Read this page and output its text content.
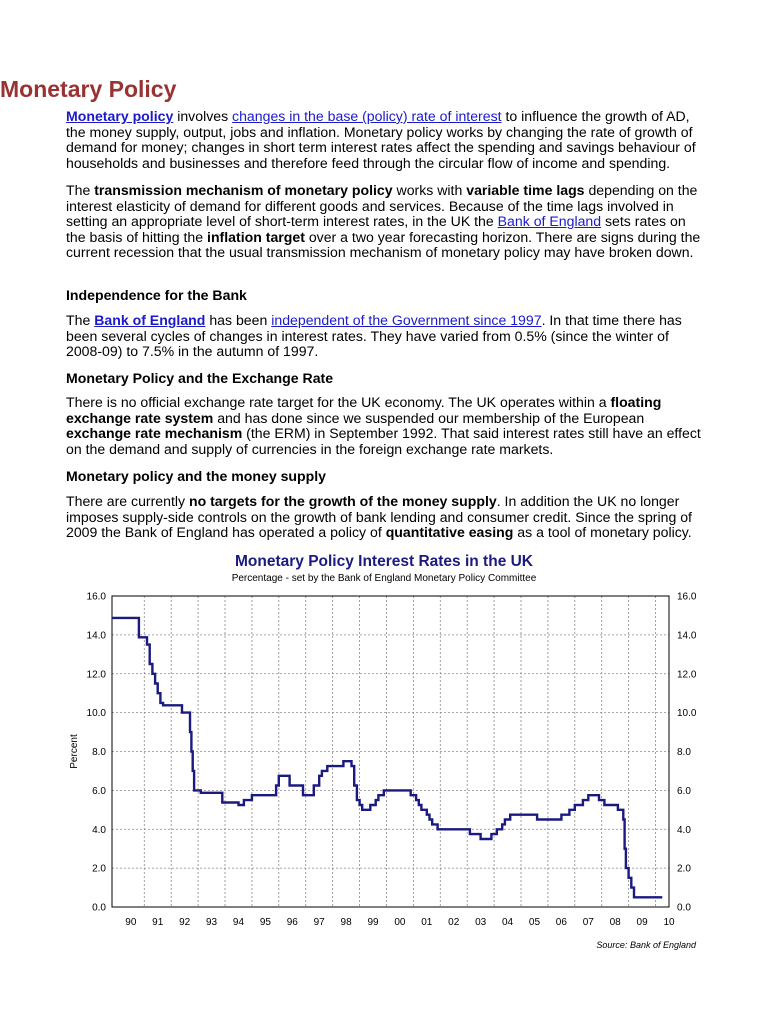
Monetary Policy

Monetary policy involves changes in the base (policy) rate of interest to influence the growth of AD, the money supply, output, jobs and inflation. Monetary policy works by changing the rate of growth of demand for money; changes in short term interest rates affect the spending and savings behaviour of households and businesses and therefore feed through the circular flow of income and spending.

The transmission mechanism of monetary policy works with variable time lags depending on the interest elasticity of demand for different goods and services. Because of the time lags involved in setting an appropriate level of short-term interest rates, in the UK the Bank of England sets rates on the basis of hitting the inflation target over a two year forecasting horizon. There are signs during the current recession that the usual transmission mechanism of monetary policy may have broken down.

Independence for the Bank

The Bank of England has been independent of the Government since 1997. In that time there has been several cycles of changes in interest rates. They have varied from 0.5% (since the winter of 2008-09) to 7.5% in the autumn of 1997.

Monetary Policy and the Exchange Rate

There is no official exchange rate target for the UK economy. The UK operates within a floating exchange rate system and has done since we suspended our membership of the European exchange rate mechanism (the ERM) in September 1992. That said interest rates still have an effect on the demand and supply of currencies in the foreign exchange rate markets.

Monetary policy and the money supply

There are currently no targets for the growth of the money supply. In addition the UK no longer imposes supply-side controls on the growth of bank lending and consumer credit. Since the spring of 2009 the Bank of England has operated a policy of quantitative easing as a tool of monetary policy.

Monetary Policy Interest Rates in the UK
Percentage - set by the Bank of England Monetary Policy Committee
0.0	0.0
2.0	2.0
4.0	4.0
6.0	6.0
8.0	8.0
10.0	10.0
12.0	12.0
14.0	14.0
16.0	16.0
90 91 92 93 94 95 96 97 98 99 00 01 02 03 04 05 06 07 08 09 10
Percent
Source: Bank of England
